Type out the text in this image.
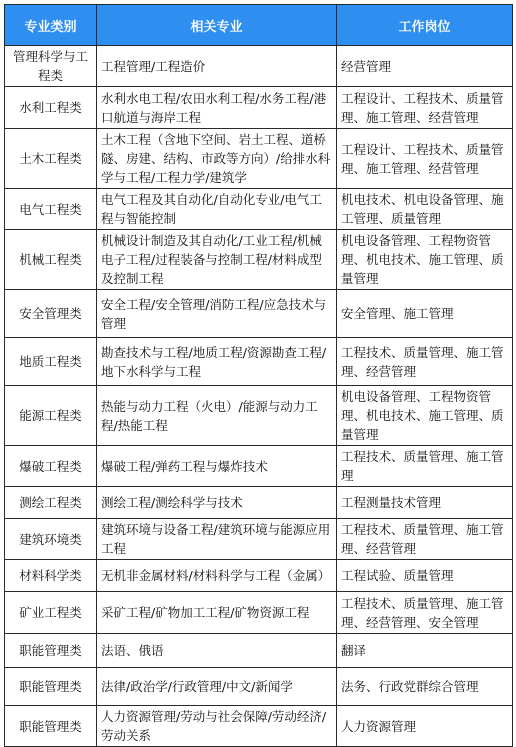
专业类别	相关专业	工作岗位
管理科学与工程类	工程管理/工程造价	经营管理
水利工程类	水利水电工程/农田水利工程/水务工程/港口航道与海岸工程	工程设计、工程技术、质量管理、施工管理、经营管理
土木工程类	土木工程（含地下空间、岩土工程、道桥隧、房建、结构、市政等方向）/给排水科学与工程/工程力学/建筑学	工程设计、工程技术、质量管理、施工管理、经营管理
电气工程类	电气工程及其自动化/自动化专业/电气工程与智能控制	机电技术、机电设备管理、施工管理、质量管理
机械工程类	机械设计制造及其自动化/工业工程/机械电子工程/过程装备与控制工程/材料成型及控制工程	机电设备管理、工程物资管理、机电技术、施工管理、质量管理
安全管理类	安全工程/安全管理/消防工程/应急技术与管理	安全管理、施工管理
地质工程类	勘查技术与工程/地质工程/资源勘查工程/地下水科学与工程	工程技术、质量管理、施工管理、经营管理
能源工程类	热能与动力工程（火电）/能源与动力工程/热能工程	机电设备管理、工程物资管理、机电技术、施工管理、质量管理
爆破工程类	爆破工程/弹药工程与爆炸技术	工程技术、质量管理、施工管理
测绘工程类	测绘工程/测绘科学与技术	工程测量技术管理
建筑环境类	建筑环境与设备工程/建筑环境与能源应用工程	工程技术、质量管理、施工管理、经营管理
材料科学类	无机非金属材料/材料科学与工程（金属）	工程试验、质量管理
矿业工程类	采矿工程/矿物加工工程/矿物资源工程	工程技术、质量管理、施工管理、经营管理、安全管理
职能管理类	法语、俄语	翻译
职能管理类	法律/政治学/行政管理/中文/新闻学	法务、行政党群综合管理
职能管理类	人力资源管理/劳动与社会保障/劳动经济/劳动关系	人力资源管理
